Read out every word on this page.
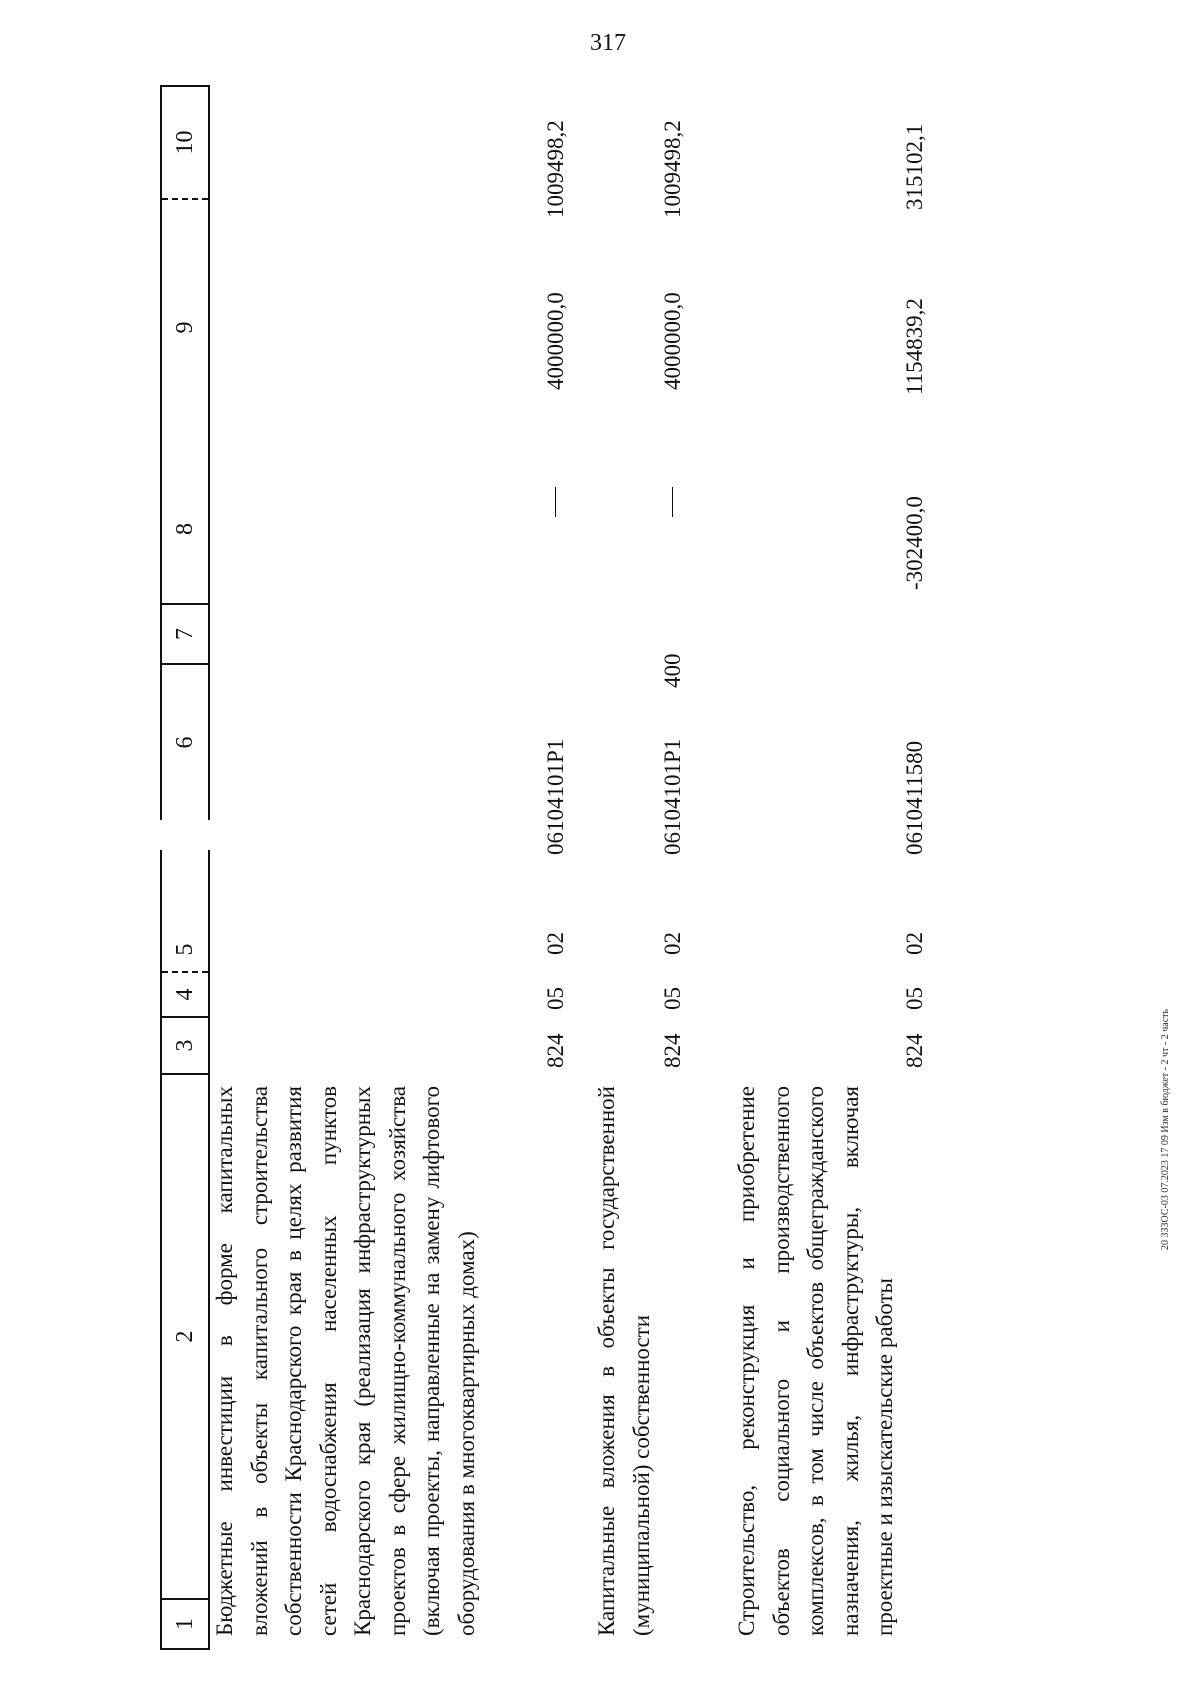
317
20 ЗЗЗОС-03 07.2023 17 09 Изм в бюджет - 2 чт - 2 часть
1
2
3
4
5
6
7
8
9
10

Бюджетные инвестиции в форме капитальных вложений в объекты капитального строительства собственности Краснодарского края в целях развития сетей водоснабжения населенных пунктов Краснодарского края (реализация инфраструктурных проектов в сфере жилищно-коммунального хозяйства (включая проекты, направленные на замену лифтового оборудования в многоквартирных домах)

824
05
02
06104101Р1
4000000,0
1009498,2

Капитальные вложения в объекты государственной (муниципальной) собственности

824
05
02
06104101Р1
400
4000000,0
1009498,2

Строительство, реконструкция и приобретение объектов социального и производственного комплексов, в том числе объектов общегражданского назначения, жилья, инфраструктуры, включая проектные и изыскательские работы

824
05
02
0610411580
-302400,0
1154839,2
315102,1
